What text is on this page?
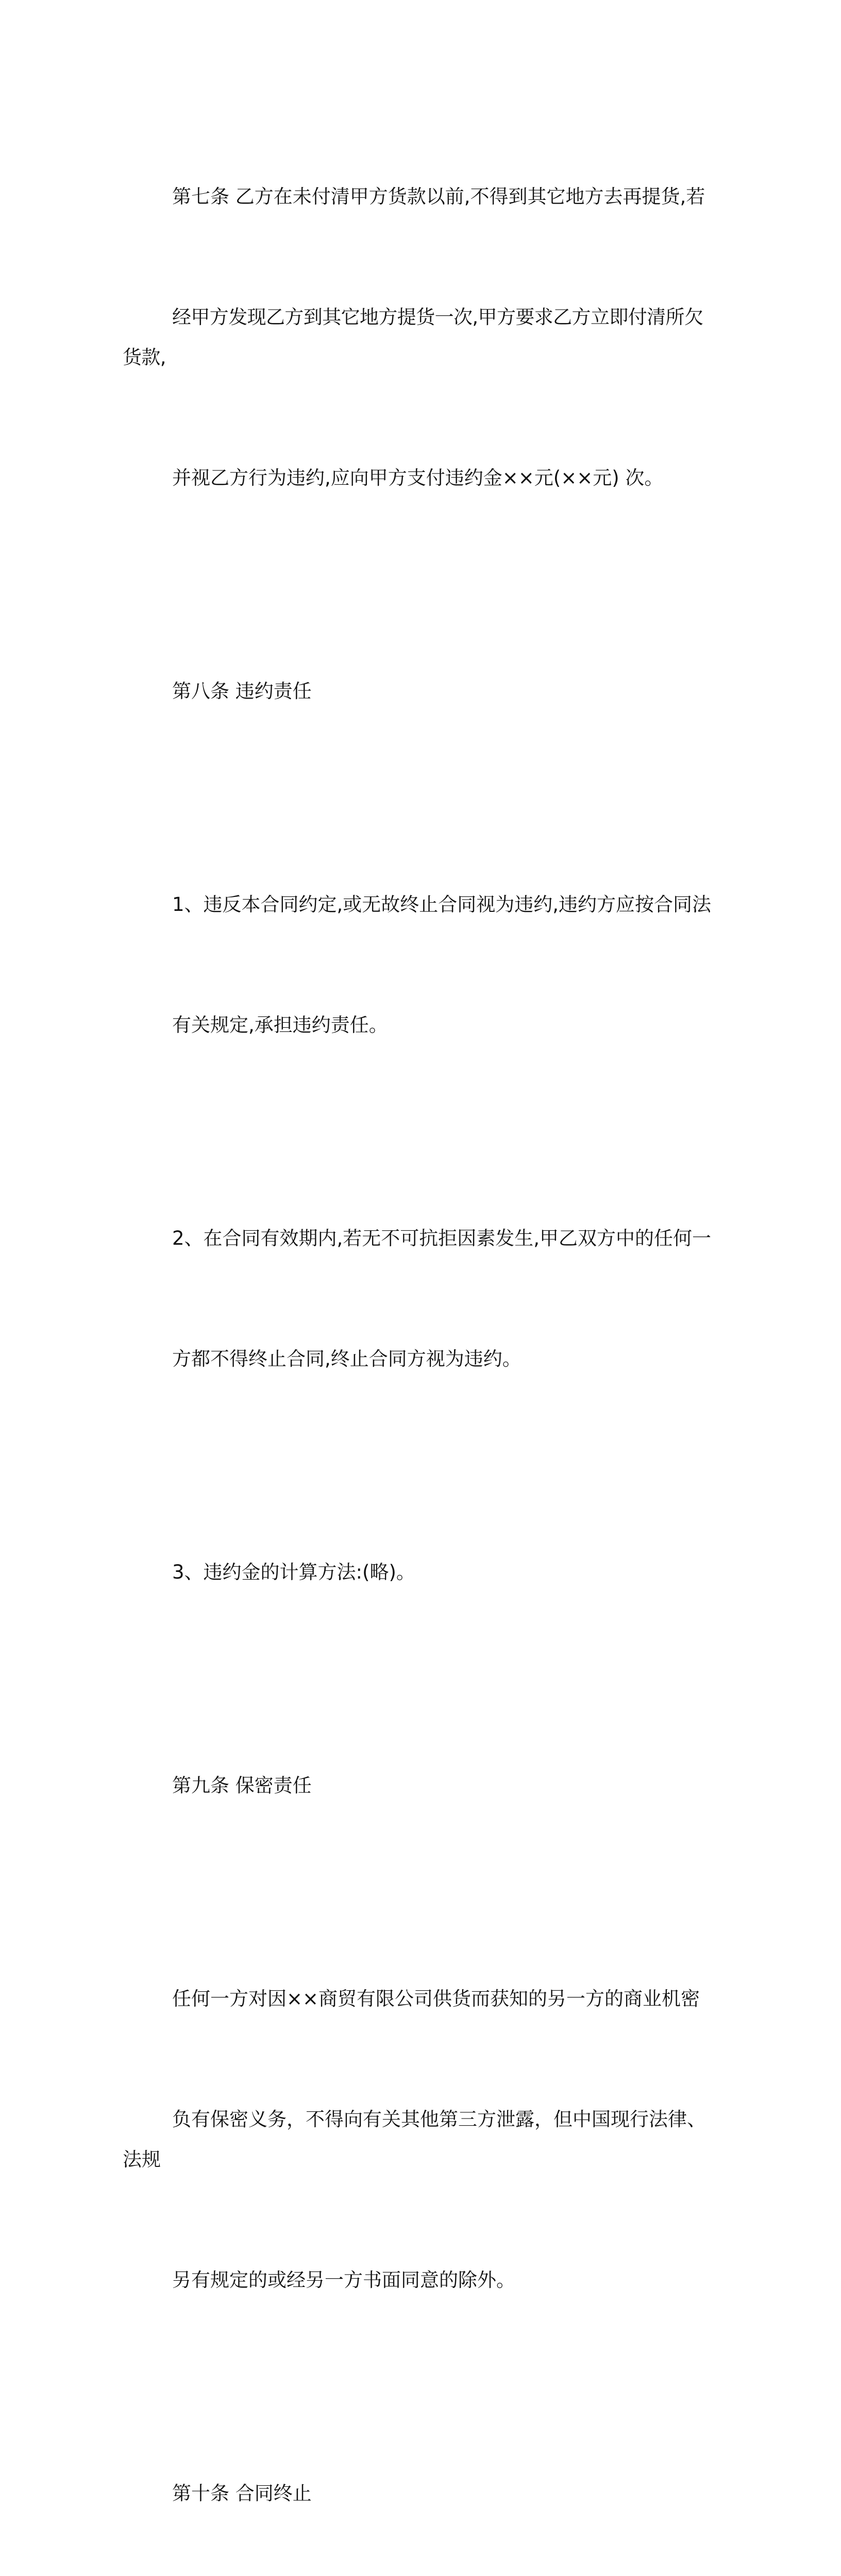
第七条 乙方在未付清甲方货款以前,不得到其它地方去再提货,若

经甲方发现乙方到其它地方提货一次,甲方要求乙方立即付清所欠货款,

并视乙方行为违约,应向甲方支付违约金××元(××元) 次。

第八条 违约责任

1、违反本合同约定,或无故终止合同视为违约,违约方应按合同法

有关规定,承担违约责任。

2、在合同有效期内,若无不可抗拒因素发生,甲乙双方中的任何一

方都不得终止合同,终止合同方视为违约。

3、违约金的计算方法:(略)。

第九条 保密责任

任何一方对因××商贸有限公司供货而获知的另一方的商业机密

负有保密义务，不得向有关其他第三方泄露，但中国现行法律、法规

另有规定的或经另一方书面同意的除外。

第十条 合同终止
